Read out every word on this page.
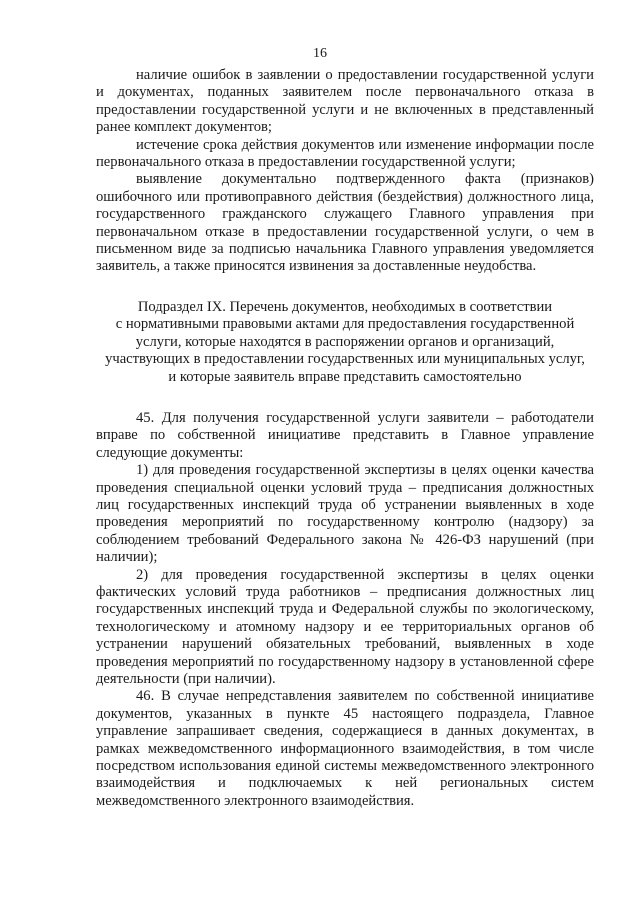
16

наличие ошибок в заявлении о предоставлении государственной услуги и документах, поданных заявителем после первоначального отказа в предоставлении государственной услуги и не включенных в представленный ранее комплект документов;

истечение срока действия документов или изменение информации после первоначального отказа в предоставлении государственной услуги;

выявление документально подтвержденного факта (признаков) ошибочного или противоправного действия (бездействия) должностного лица, государственного гражданского служащего Главного управления при первоначальном отказе в предоставлении государственной услуги, о чем в письменном виде за подписью начальника Главного управления уведомляется заявитель, а также приносятся извинения за доставленные неудобства.

Подраздел IX. Перечень документов, необходимых в соответствии
с нормативными правовыми актами для предоставления государственной
услуги, которые находятся в распоряжении органов и организаций,
участвующих в предоставлении государственных или муниципальных услуг,
и которые заявитель вправе представить самостоятельно

45. Для получения государственной услуги заявители – работодатели вправе по собственной инициативе представить в Главное управление следующие документы:

1) для проведения государственной экспертизы в целях оценки качества проведения специальной оценки условий труда – предписания должностных лиц государственных инспекций труда об устранении выявленных в ходе проведения мероприятий по государственному контролю (надзору) за соблюдением требований Федерального закона № 426-ФЗ нарушений (при наличии);

2) для проведения государственной экспертизы в целях оценки фактических условий труда работников – предписания должностных лиц государственных инспекций труда и Федеральной службы по экологическому, технологическому и атомному надзору и ее территориальных органов об устранении нарушений обязательных требований, выявленных в ходе проведения мероприятий по государственному надзору в установленной сфере деятельности (при наличии).

46. В случае непредставления заявителем по собственной инициативе документов, указанных в пункте 45 настоящего подраздела, Главное управление запрашивает сведения, содержащиеся в данных документах, в рамках межведомственного информационного взаимодействия, в том числе посредством использования единой системы межведомственного электронного взаимодействия и подключаемых к ней региональных систем межведомственного электронного взаимодействия.
